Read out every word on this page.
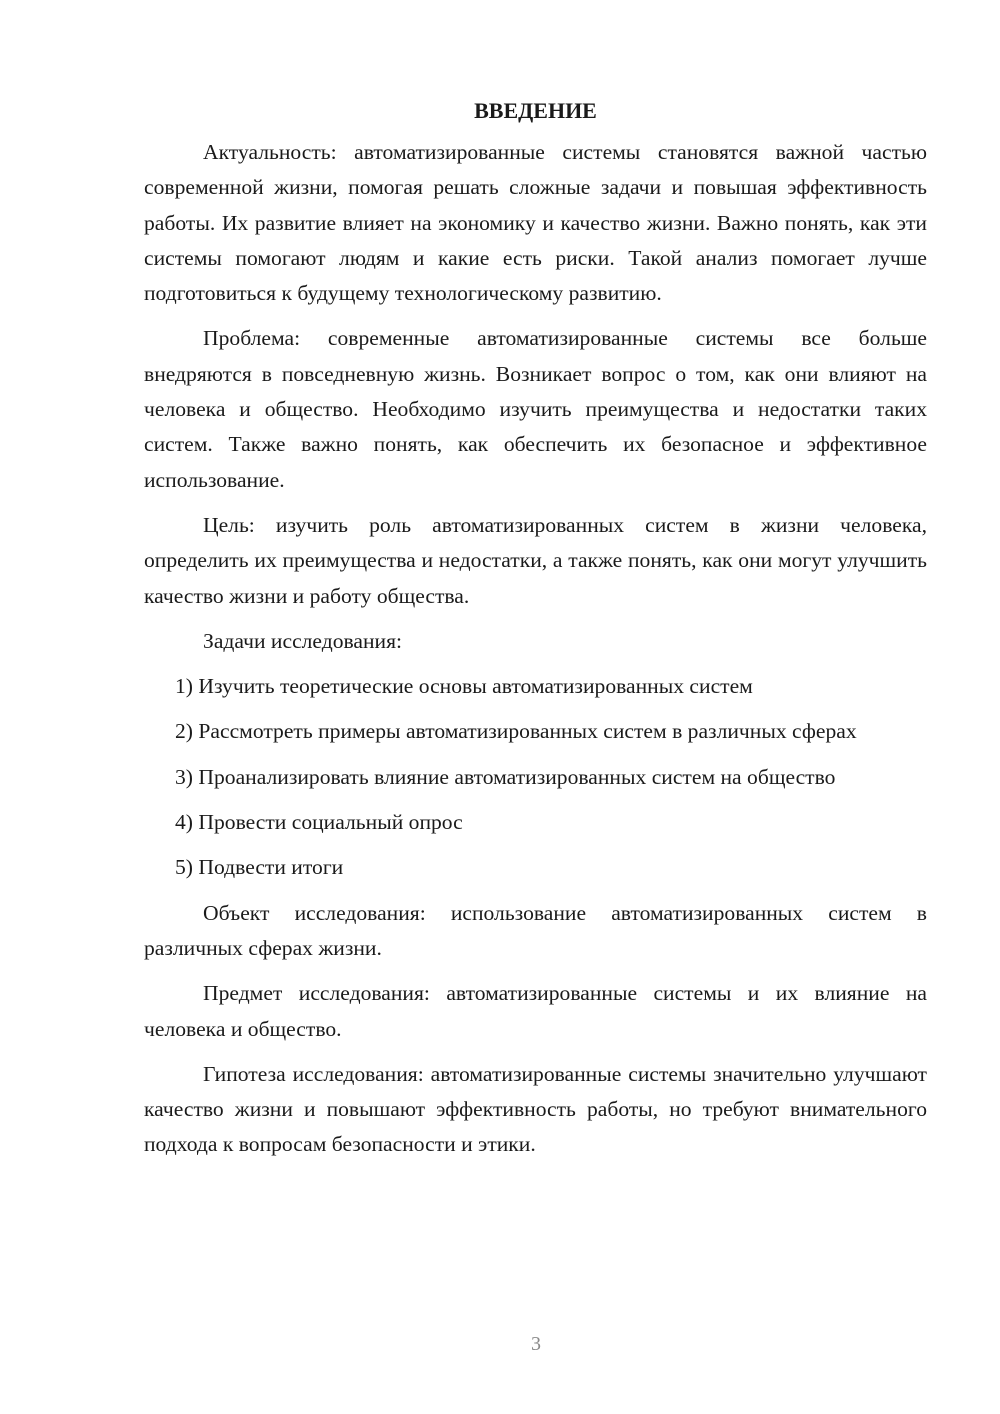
ВВЕДЕНИЕ

Актуальность: автоматизированные системы становятся важной частью современной жизни, помогая решать сложные задачи и повышая эффективность работы. Их развитие влияет на экономику и качество жизни. Важно понять, как эти системы помогают людям и какие есть риски. Такой анализ помогает лучше подготовиться к будущему технологическому развитию.

Проблема: современные автоматизированные системы все больше внедряются в повседневную жизнь. Возникает вопрос о том, как они влияют на человека и общество. Необходимо изучить преимущества и недостатки таких систем. Также важно понять, как обеспечить их безопасное и эффективное использование.

Цель: изучить роль автоматизированных систем в жизни человека, определить их преимущества и недостатки, а также понять, как они могут улучшить качество жизни и работу общества.

Задачи исследования:

1) Изучить теоретические основы автоматизированных систем

2) Рассмотреть примеры автоматизированных систем в различных сферах

3) Проанализировать влияние автоматизированных систем на общество

4) Провести социальный опрос

5) Подвести итоги

Объект исследования: использование автоматизированных систем в различных сферах жизни.

Предмет исследования: автоматизированные системы и их влияние на человека и общество.

Гипотеза исследования: автоматизированные системы значительно улучшают качество жизни и повышают эффективность работы, но требуют внимательного подхода к вопросам безопасности и этики.

3
